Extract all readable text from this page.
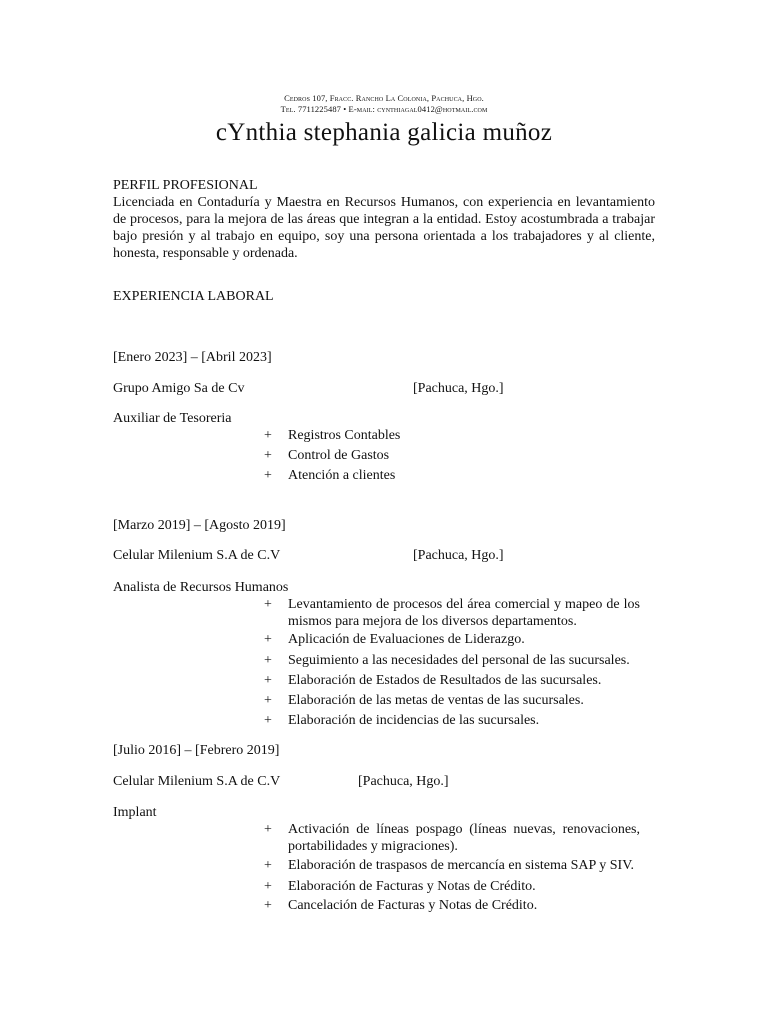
Cedros 107, Fracc. Rancho La Colonia, Pachuca, Hgo.
Tel. 7711225487 • E-mail: cynthiagal0412@hotmail.com
cYnthia stephania galicia muñoz
PERFIL PROFESIONAL
Licenciada en Contaduría y Maestra en Recursos Humanos, con experiencia en levantamiento de procesos, para la mejora de las áreas que integran a la entidad. Estoy acostumbrada a trabajar bajo presión y al trabajo en equipo, soy una persona orientada a los trabajadores y al cliente, honesta, responsable y ordenada.
EXPERIENCIA LABORAL
[Enero 2023] – [Abril 2023]
Grupo Amigo Sa de Cv	[Pachuca, Hgo.]
Auxiliar de Tesoreria
+ Registros Contables
+ Control de Gastos
+ Atención a clientes
[Marzo 2019] – [Agosto 2019]
Celular Milenium S.A de C.V	[Pachuca, Hgo.]
Analista de Recursos Humanos
+ Levantamiento de procesos del área comercial y mapeo de los mismos para mejora de los diversos departamentos.
+ Aplicación de Evaluaciones de Liderazgo.
+ Seguimiento a las necesidades del personal de las sucursales.
+ Elaboración de Estados de Resultados de las sucursales.
+ Elaboración de las metas de ventas de las sucursales.
+ Elaboración de incidencias de las sucursales.
[Julio 2016] – [Febrero 2019]
Celular Milenium S.A de C.V	[Pachuca, Hgo.]
Implant
+ Activación de líneas pospago (líneas nuevas, renovaciones, portabilidades y migraciones).
+ Elaboración de traspasos de mercancía en sistema SAP y SIV.
+ Elaboración de Facturas y Notas de Crédito.
+ Cancelación de Facturas y Notas de Crédito.
